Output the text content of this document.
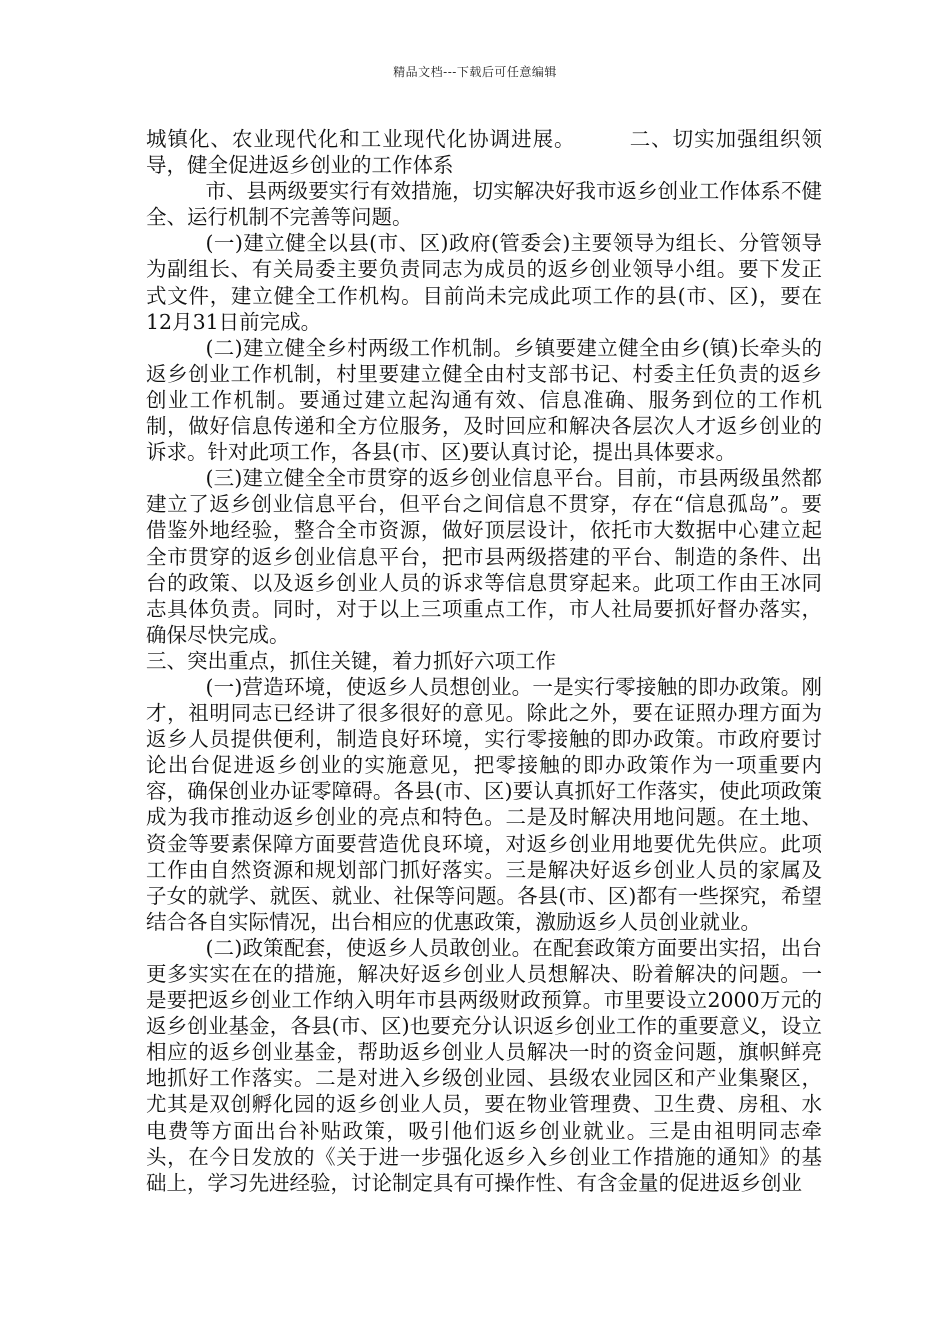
精品文档---下载后可任意编辑

城镇化、农业现代化和工业现代化协调进展。　　　二、切实加强组织领导，健全促进返乡创业的工作体系

市、县两级要实行有效措施，切实解决好我市返乡创业工作体系不健全、运行机制不完善等问题。

(一)建立健全以县(市、区)政府(管委会)主要领导为组长、分管领导为副组长、有关局委主要负责同志为成员的返乡创业领导小组。要下发正式文件，建立健全工作机构。目前尚未完成此项工作的县(市、区)，要在12月31日前完成。

(二)建立健全乡村两级工作机制。乡镇要建立健全由乡(镇)长牵头的返乡创业工作机制，村里要建立健全由村支部书记、村委主任负责的返乡创业工作机制。要通过建立起沟通有效、信息准确、服务到位的工作机制，做好信息传递和全方位服务，及时回应和解决各层次人才返乡创业的诉求。针对此项工作，各县(市、区)要认真讨论，提出具体要求。

(三)建立健全全市贯穿的返乡创业信息平台。目前，市县两级虽然都建立了返乡创业信息平台，但平台之间信息不贯穿，存在“信息孤岛”。要借鉴外地经验，整合全市资源，做好顶层设计，依托市大数据中心建立起全市贯穿的返乡创业信息平台，把市县两级搭建的平台、制造的条件、出台的政策、以及返乡创业人员的诉求等信息贯穿起来。此项工作由王冰同志具体负责。同时，对于以上三项重点工作，市人社局要抓好督办落实，确保尽快完成。

三、突出重点，抓住关键，着力抓好六项工作

(一)营造环境，使返乡人员想创业。一是实行零接触的即办政策。刚才，祖明同志已经讲了很多很好的意见。除此之外，要在证照办理方面为返乡人员提供便利，制造良好环境，实行零接触的即办政策。市政府要讨论出台促进返乡创业的实施意见，把零接触的即办政策作为一项重要内容，确保创业办证零障碍。各县(市、区)要认真抓好工作落实，使此项政策成为我市推动返乡创业的亮点和特色。二是及时解决用地问题。在土地、资金等要素保障方面要营造优良环境，对返乡创业用地要优先供应。此项工作由自然资源和规划部门抓好落实。三是解决好返乡创业人员的家属及子女的就学、就医、就业、社保等问题。各县(市、区)都有一些探究，希望结合各自实际情况，出台相应的优惠政策，激励返乡人员创业就业。

(二)政策配套，使返乡人员敢创业。在配套政策方面要出实招，出台更多实实在在的措施，解决好返乡创业人员想解决、盼着解决的问题。一是要把返乡创业工作纳入明年市县两级财政预算。市里要设立2000万元的返乡创业基金，各县(市、区)也要充分认识返乡创业工作的重要意义，设立相应的返乡创业基金，帮助返乡创业人员解决一时的资金问题，旗帜鲜亮地抓好工作落实。二是对进入乡级创业园、县级农业园区和产业集聚区，尤其是双创孵化园的返乡创业人员，要在物业管理费、卫生费、房租、水电费等方面出台补贴政策，吸引他们返乡创业就业。三是由祖明同志牵头，在今日发放的《关于进一步强化返乡入乡创业工作措施的通知》的基础上，学习先进经验，讨论制定具有可操作性、有含金量的促进返乡创业
